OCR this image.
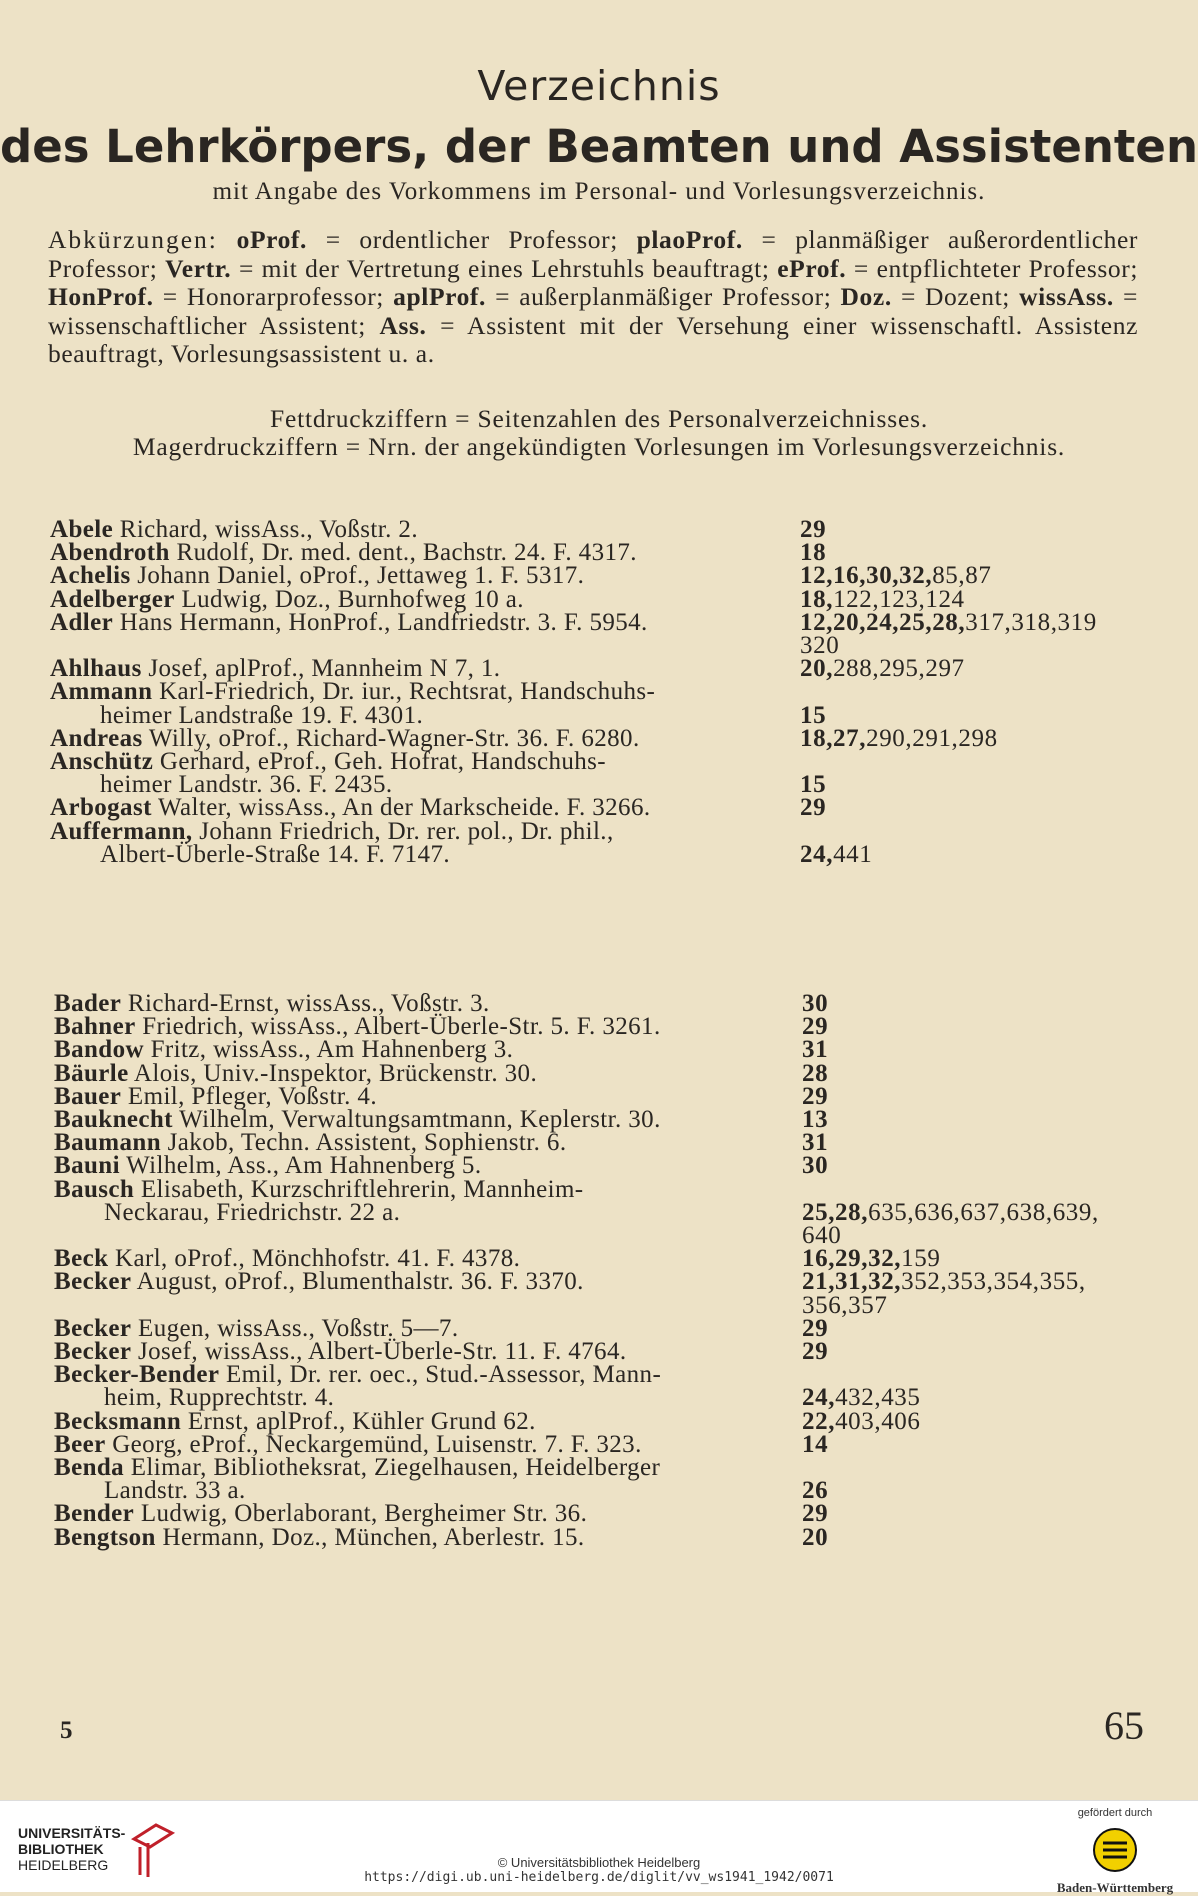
Verzeichnis
des Lehrkörpers, der Beamten und Assistenten
mit Angabe des Vorkommens im Personal- und Vorlesungsverzeichnis.
Abkürzungen: oProf. = ordentlicher Professor; plaoProf. = planmäßiger außerordentlicher Professor; Vertr. = mit der Vertretung eines Lehrstuhls beauftragt; eProf. = entpflichteter Professor; HonProf. = Honorarprofessor; aplProf. = außerplanmäßiger Professor; Doz. = Dozent; wissAss. = wissenschaftlicher Assistent; Ass. = Assistent mit der Versehung einer wissenschaftl. Assistenz beauftragt, Vorlesungsassistent u. a.
Fettdruckziffern = Seitenzahlen des Personalverzeichnisses.
Magerdruckziffern = Nrn. der angekündigten Vorlesungen im Vorlesungsverzeichnis.
Abele Richard, wissAss., Voßstr. 2.	29
Abendroth Rudolf, Dr. med. dent., Bachstr. 24. F. 4317.	18
Achelis Johann Daniel, oProf., Jettaweg 1. F. 5317.	12,16,30,32,85,87
Adelberger Ludwig, Doz., Burnhofweg 10 a.	18,122,123,124
Adler Hans Hermann, HonProf., Landfriedstr. 3. F. 5954.	12,20,24,25,28,317,318,319
320
Ahlhaus Josef, aplProf., Mannheim N 7, 1.	20,288,295,297
Ammann Karl-Friedrich, Dr. iur., Rechtsrat, Handschuhs-
heimer Landstraße 19. F. 4301.	15
Andreas Willy, oProf., Richard-Wagner-Str. 36. F. 6280.	18,27,290,291,298
Anschütz Gerhard, eProf., Geh. Hofrat, Handschuhs-
heimer Landstr. 36. F. 2435.	15
Arbogast Walter, wissAss., An der Markscheide. F. 3266.	29
Auffermann, Johann Friedrich, Dr. rer. pol., Dr. phil.,
Albert-Überle-Straße 14. F. 7147.	24,441
Bader Richard-Ernst, wissAss., Voßstr. 3.	30
Bahner Friedrich, wissAss., Albert-Überle-Str. 5. F. 3261.	29
Bandow Fritz, wissAss., Am Hahnenberg 3.	31
Bäurle Alois, Univ.-Inspektor, Brückenstr. 30.	28
Bauer Emil, Pfleger, Voßstr. 4.	29
Bauknecht Wilhelm, Verwaltungsamtmann, Keplerstr. 30.	13
Baumann Jakob, Techn. Assistent, Sophienstr. 6.	31
Bauni Wilhelm, Ass., Am Hahnenberg 5.	30
Bausch Elisabeth, Kurzschriftlehrerin, Mannheim-
Neckarau, Friedrichstr. 22 a.	25,28,635,636,637,638,639,
640
Beck Karl, oProf., Mönchhofstr. 41. F. 4378.	16,29,32,159
Becker August, oProf., Blumenthalstr. 36. F. 3370.	21,31,32,352,353,354,355,
356,357
Becker Eugen, wissAss., Voßstr. 5—7.	29
Becker Josef, wissAss., Albert-Überle-Str. 11. F. 4764.	29
Becker-Bender Emil, Dr. rer. oec., Stud.-Assessor, Mann-
heim, Rupprechtstr. 4.	24,432,435
Becksmann Ernst, aplProf., Kühler Grund 62.	22,403,406
Beer Georg, eProf., Neckargemünd, Luisenstr. 7. F. 323.	14
Benda Elimar, Bibliotheksrat, Ziegelhausen, Heidelberger
Landstr. 33 a.	26
Bender Ludwig, Oberlaborant, Bergheimer Str. 36.	29
Bengtson Hermann, Doz., München, Aberlestr. 15.	20
5	65
UNIVERSITÄTS-
BIBLIOTHEK
HEIDELBERG	© Universitätsbibliothek Heidelberg
https://digi.ub.uni-heidelberg.de/diglit/vv_ws1941_1942/0071
gefördert durch
Baden-Württemberg
